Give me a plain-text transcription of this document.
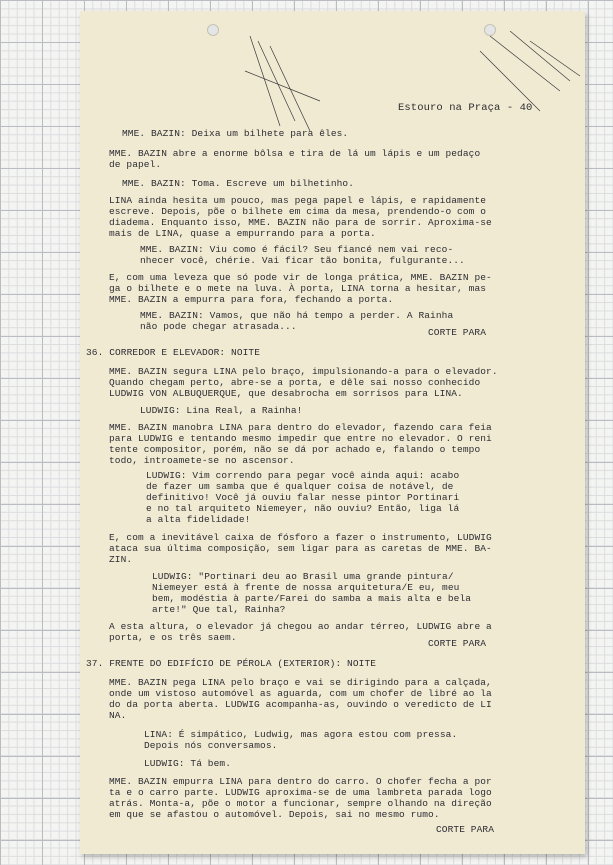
Estouro na Praça - 40
MME. BAZIN: Deixa um bilhete para êles.
MME. BAZIN abre a enorme bôlsa e tira de lá um lápis e um pedaço
de papel.
MME. BAZIN: Toma. Escreve um bilhetinho.
LINA ainda hesita um pouco, mas pega papel e lápis, e rapidamente
escreve. Depois, põe o bilhete em cima da mesa, prendendo-o com o
diadema. Enquanto isso, MME. BAZIN não para de sorrir. Aproxima-se
mais de LINA, quase a empurrando para a porta.
MME. BAZIN: Viu como é fácil? Seu fiancé nem vai reco-
nhecer você, chérie. Vai ficar tão bonita, fulgurante...
E, com uma leveza que só pode vir de longa prática, MME. BAZIN pe-
ga o bilhete e o mete na luva. À porta, LINA torna a hesitar, mas
MME. BAZIN a empurra para fora, fechando a porta.
MME. BAZIN: Vamos, que não há tempo a perder. A Rainha
não pode chegar atrasada...
CORTE PARA
36. CORREDOR E ELEVADOR: NOITE
MME. BAZIN segura LINA pelo braço, impulsionando-a para o elevador.
Quando chegam perto, abre-se a porta, e dêle sai nosso conhecido
LUDWIG VON ALBUQUERQUE, que desabrocha em sorrisos para LINA.
LUDWIG: Lina Real, a Rainha!
MME. BAZIN manobra LINA para dentro do elevador, fazendo cara feia
para LUDWIG e tentando mesmo impedir que entre no elevador. O reni
tente compositor, porém, não se dá por achado e, falando o tempo
todo, introamete-se no ascensor.
LUDWIG: Vim correndo para pegar você ainda aqui: acabo
de fazer um samba que é qualquer coisa de notável, de
definitivo! Você já ouviu falar nesse pintor Portinari
e no tal arquiteto Niemeyer, não ouviu? Então, liga lá
a alta fidelidade!
E, com a inevitável caixa de fósforo a fazer o instrumento, LUDWIG
ataca sua última composição, sem ligar para as caretas de MME. BA-
ZIN.
LUDWIG: "Portinari deu ao Brasil uma grande pintura/
Niemeyer está à frente de nossa arquitetura/E eu, meu
bem, modéstia à parte/Farei do samba a mais alta e bela
arte!" Que tal, Rainha?
A esta altura, o elevador já chegou ao andar térreo, LUDWIG abre a
porta, e os três saem.
CORTE PARA
37. FRENTE DO EDIFÍCIO DE PÉROLA (EXTERIOR): NOITE
MME. BAZIN pega LINA pelo braço e vai se dirigindo para a calçada,
onde um vistoso automóvel as aguarda, com um chofer de libré ao la
do da porta aberta. LUDWIG acompanha-as, ouvindo o veredicto de LI
NA.
LINA: É simpático, Ludwig, mas agora estou com pressa.
Depois nós conversamos.
LUDWIG: Tá bem.
MME. BAZIN empurra LINA para dentro do carro. O chofer fecha a por
ta e o carro parte. LUDWIG aproxima-se de uma lambreta parada logo
atrás. Monta-a, põe o motor a funcionar, sempre olhando na direção
em que se afastou o automóvel. Depois, sai no mesmo rumo.
CORTE PARA
